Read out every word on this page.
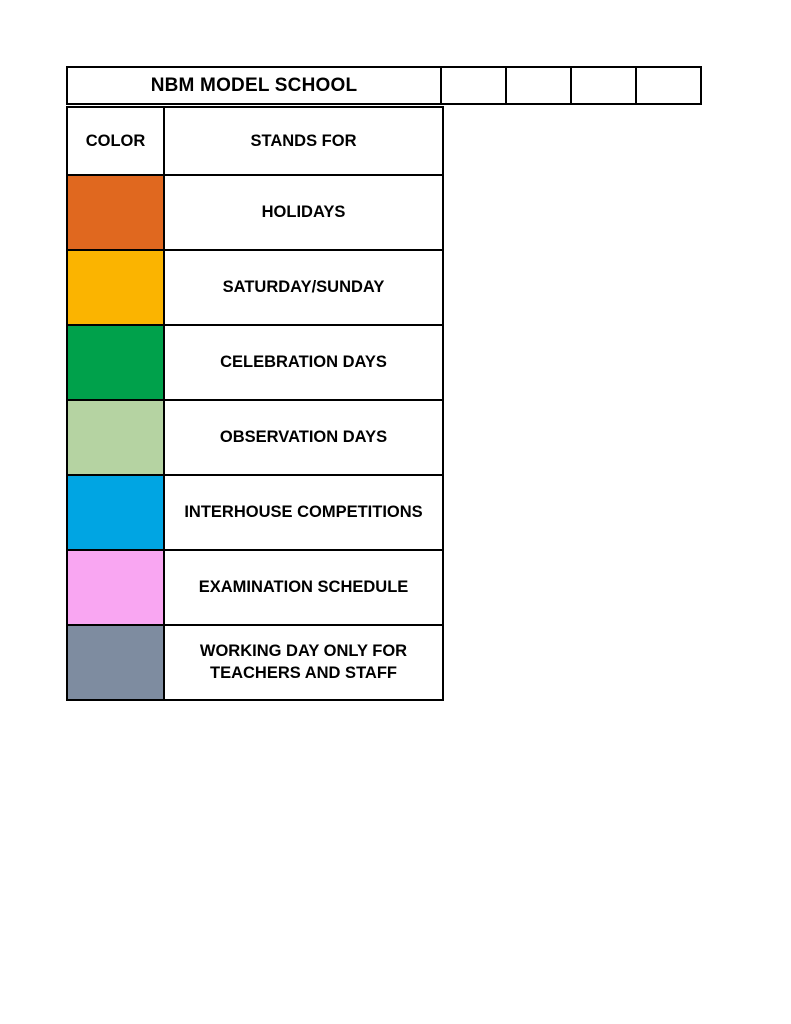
NBM MODEL SCHOOL
COLOR	STANDS FOR

	HOLIDAYS

	SATURDAY/SUNDAY

	CELEBRATION DAYS

	OBSERVATION DAYS

	INTERHOUSE COMPETITIONS

	EXAMINATION SCHEDULE

	WORKING DAY ONLY FOR TEACHERS AND STAFF
